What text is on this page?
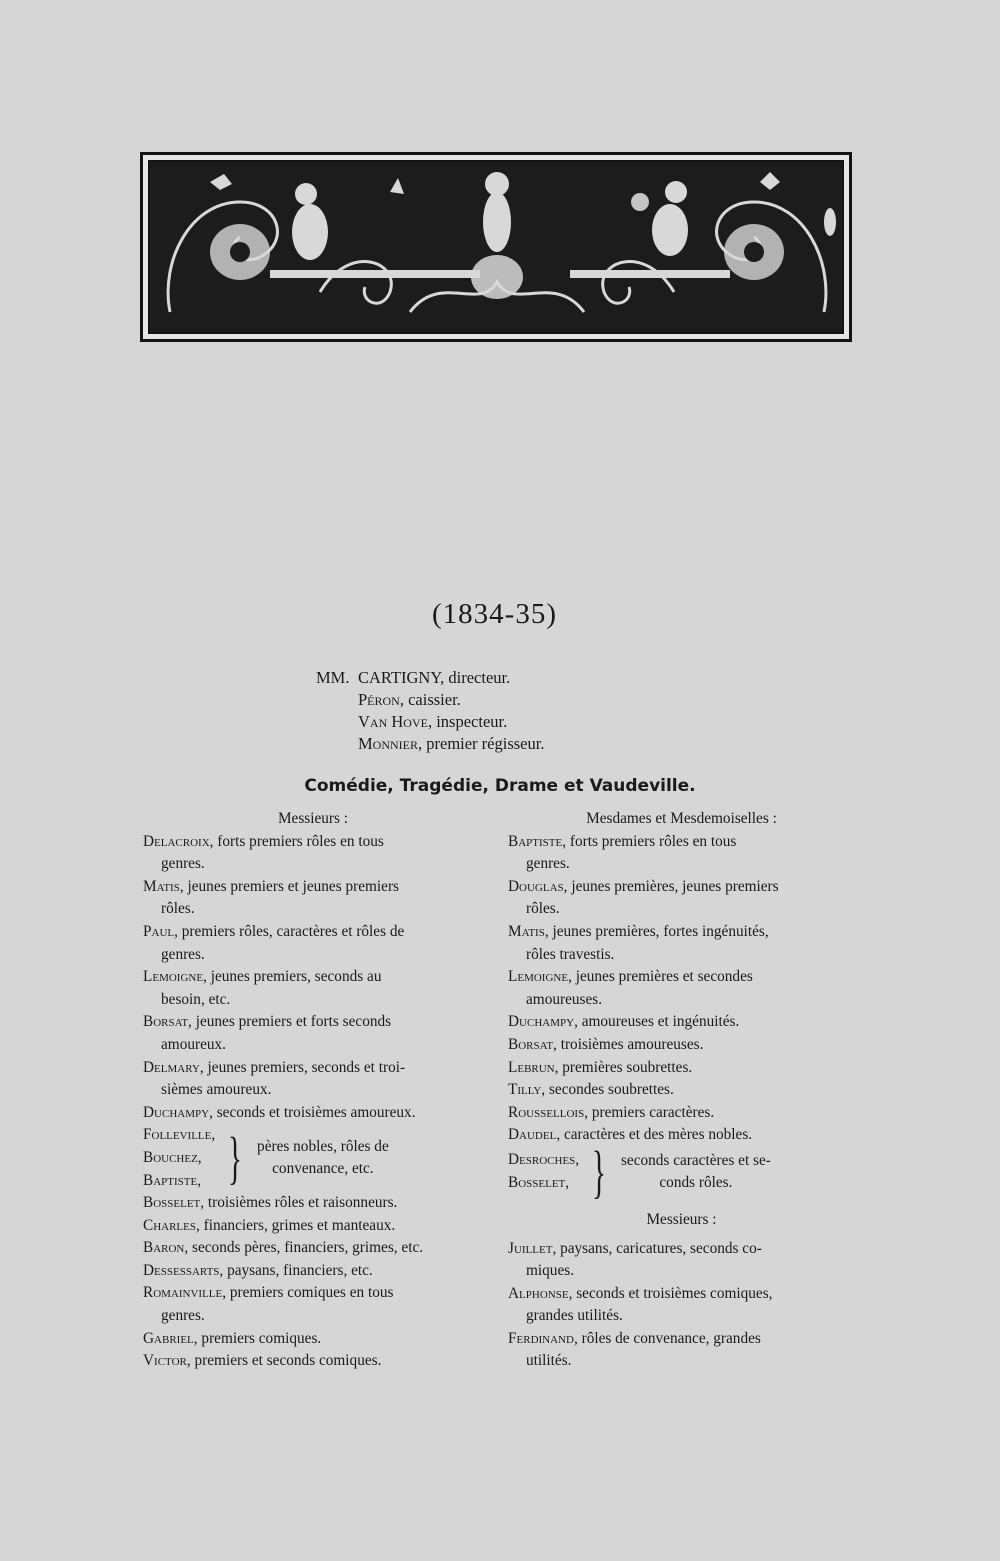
(1834-35)
MM. CARTIGNY, directeur.
Péron, caissier.
Van Hove, inspecteur.
Monnier, premier régisseur.
Comédie, Tragédie, Drame et Vaudeville.
Messieurs :
Delacroix, forts premiers rôles en tous
genres.
Matis, jeunes premiers et jeunes premiers
rôles.
Paul, premiers rôles, caractères et rôles de
genres.
Lemoigne, jeunes premiers, seconds au
besoin, etc.
Borsat, jeunes premiers et forts seconds
amoureux.
Delmary, jeunes premiers, seconds et troi-
sièmes amoureux.
Duchampy, seconds et troisièmes amoureux.
Folleville,
Bouchez,
Baptiste, } pères nobles, rôles de
convenance, etc.
Bosselet, troisièmes rôles et raisonneurs.
Charles, financiers, grimes et manteaux.
Baron, seconds pères, financiers, grimes, etc.
Dessessarts, paysans, financiers, etc.
Romainville, premiers comiques en tous
genres.
Gabriel, premiers comiques.
Victor, premiers et seconds comiques.
Mesdames et Mesdemoiselles :
Baptiste, forts premiers rôles en tous
genres.
Douglas, jeunes premières, jeunes premiers
rôles.
Matis, jeunes premières, fortes ingénuités,
rôles travestis.
Lemoigne, jeunes premières et secondes
amoureuses.
Duchampy, amoureuses et ingénuités.
Borsat, troisièmes amoureuses.
Lebrun, premières soubrettes.
Tilly, secondes soubrettes.
Roussellois, premiers caractères.
Daudel, caractères et des mères nobles.
Desroches,
Bosselet, } seconds caractères et se-
conds rôles.
Messieurs :
Juillet, paysans, caricatures, seconds co-
miques.
Alphonse, seconds et troisièmes comiques,
grandes utilités.
Ferdinand, rôles de convenance, grandes
utilités.
